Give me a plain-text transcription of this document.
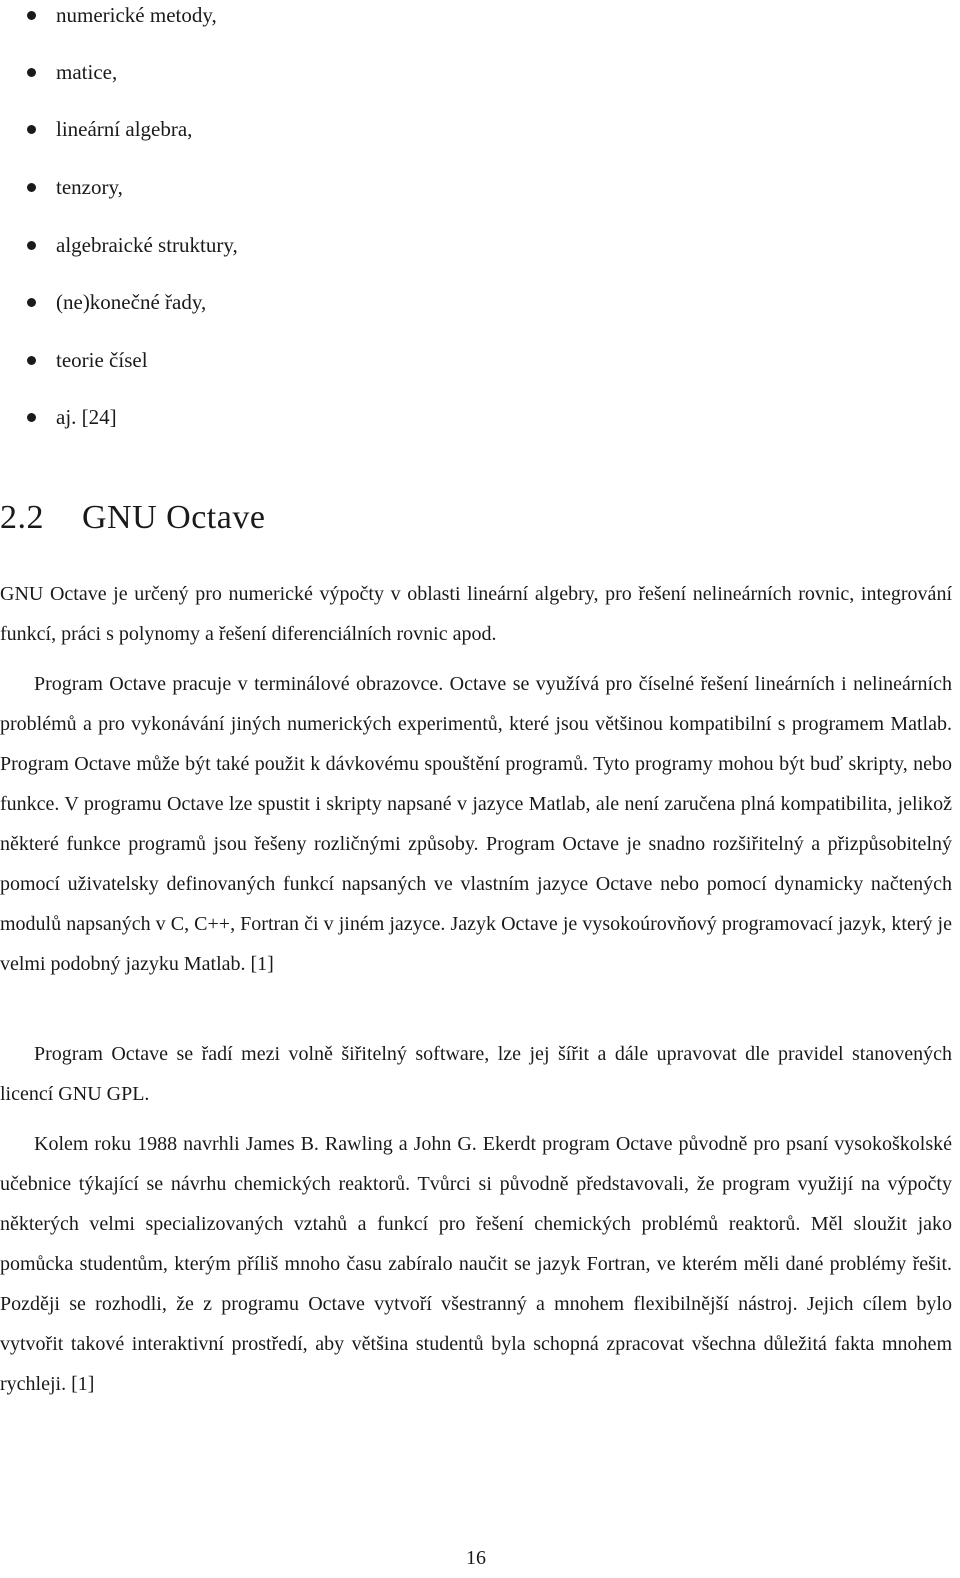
numerické metody,
matice,
lineární algebra,
tenzory,
algebraické struktury,
(ne)konečné řady,
teorie čísel
aj. [24]
2.2 GNU Octave

GNU Octave je určený pro numerické výpočty v oblasti lineární algebry, pro řešení nelineárních rovnic, integrování funkcí, práci s polynomy a řešení diferenciálních rovnic apod.

Program Octave pracuje v terminálové obrazovce. Octave se využívá pro číselné řešení lineárních i nelineárních problémů a pro vykonávání jiných numerických experimentů, které jsou většinou kompatibilní s programem Matlab. Program Octave může být také použit k dávkovému spouštění programů. Tyto programy mohou být buď skripty, nebo funkce. V programu Octave lze spustit i skripty napsané v jazyce Matlab, ale není zaručena plná kompatibilita, jelikož některé funkce programů jsou řešeny rozličnými způsoby. Program Octave je snadno rozšiřitelný a přizpůsobitelný pomocí uživatelsky definovaných funkcí napsaných ve vlastním jazyce Octave nebo pomocí dynamicky načtených modulů napsaných v C, C++, Fortran či v jiném jazyce. Jazyk Octave je vysokoúrovňový programovací jazyk, který je velmi podobný jazyku Matlab. [1]

Program Octave se řadí mezi volně šiřitelný software, lze jej šířit a dále upravovat dle pravidel stanovených licencí GNU GPL.

Kolem roku 1988 navrhli James B. Rawling a John G. Ekerdt program Octave původně pro psaní vysokoškolské učebnice týkající se návrhu chemických reaktorů. Tvůrci si původně představovali, že program využijí na výpočty některých velmi specializovaných vztahů a funkcí pro řešení chemických problémů reaktorů. Měl sloužit jako pomůcka studentům, kterým příliš mnoho času zabíralo naučit se jazyk Fortran, ve kterém měli dané problémy řešit. Později se rozhodli, že z programu Octave vytvoří všestranný a mnohem flexibilnější nástroj. Jejich cílem bylo vytvořit takové interaktivní prostředí, aby většina studentů byla schopná zpracovat všechna důležitá fakta mnohem rychleji. [1]

16
